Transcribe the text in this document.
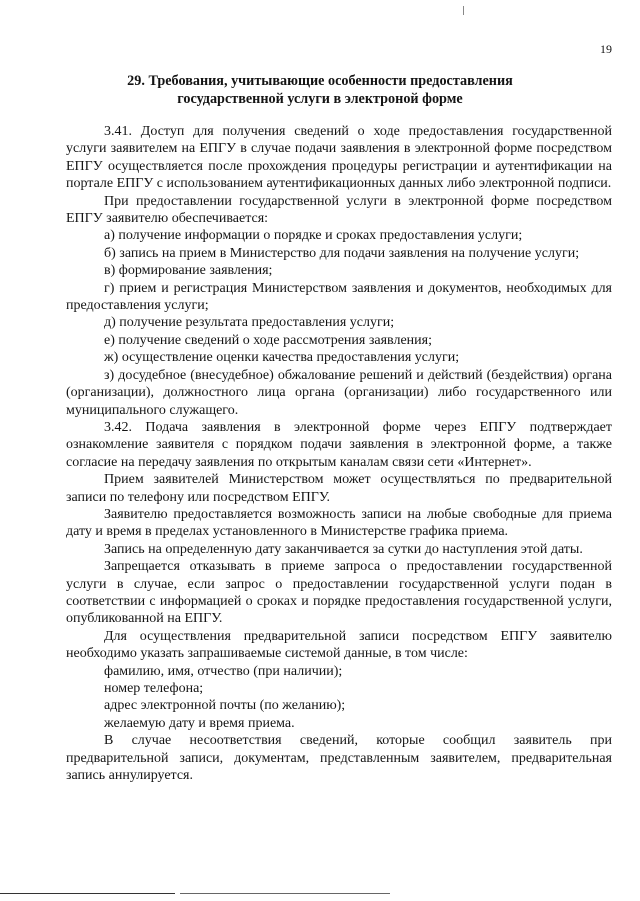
19
29. Требования, учитывающие особенности предоставления
государственной услуги в электроной форме

3.41. Доступ для получения сведений о ходе предоставления государственной услуги заявителем на ЕПГУ в случае подачи заявления в электронной форме посредством ЕПГУ осуществляется после прохождения процедуры регистрации и аутентификации на портале ЕПГУ с использованием аутентификационных данных либо электронной подписи.

При предоставлении государственной услуги в электронной форме посредством ЕПГУ заявителю обеспечивается:

а) получение информации о порядке и сроках предоставления услуги;

б) запись на прием в Министерство для подачи заявления на получение услуги;

в) формирование заявления;

г) прием и регистрация Министерством заявления и документов, необходимых для предоставления услуги;

д) получение результата предоставления услуги;

е) получение сведений о ходе рассмотрения заявления;

ж) осуществление оценки качества предоставления услуги;

з) досудебное (внесудебное) обжалование решений и действий (бездействия) органа (организации), должностного лица органа (организации) либо государственного или муниципального служащего.

3.42. Подача заявления в электронной форме через ЕПГУ подтверждает ознакомление заявителя с порядком подачи заявления в электронной форме, а также согласие на передачу заявления по открытым каналам связи сети «Интернет».

Прием заявителей Министерством может осуществляться по предварительной записи по телефону или посредством ЕПГУ.

Заявителю предоставляется возможность записи на любые свободные для приема дату и время в пределах установленного в Министерстве графика приема.

Запись на определенную дату заканчивается за сутки до наступления этой даты.

Запрещается отказывать в приеме запроса о предоставлении государственной услуги в случае, если запрос о предоставлении государственной услуги подан в соответствии с информацией о сроках и порядке предоставления государственной услуги, опубликованной на ЕПГУ.

Для осуществления предварительной записи посредством ЕПГУ заявителю необходимо указать запрашиваемые системой данные, в том числе:

фамилию, имя, отчество (при наличии);

номер телефона;

адрес электронной почты (по желанию);

желаемую дату и время приема.

В случае несоответствия сведений, которые сообщил заявитель при предварительной записи, документам, представленным заявителем, предварительная запись аннулируется.
